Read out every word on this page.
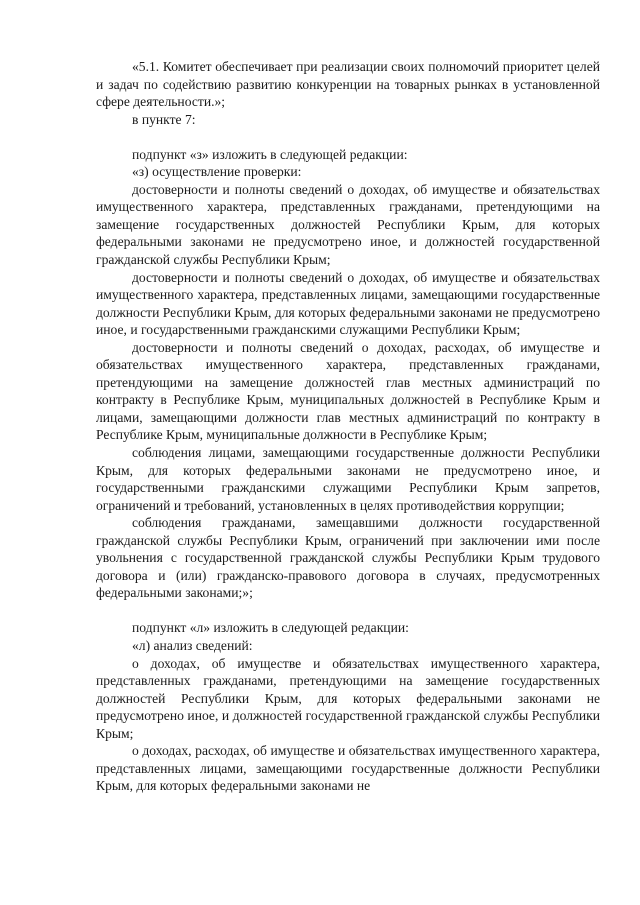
«5.1. Комитет обеспечивает при реализации своих полномочий приоритет целей и задач по содействию развитию конкуренции на товарных рынках в установленной сфере деятельности.»;

в пункте 7:

подпункт «з» изложить в следующей редакции:

«з) осуществление проверки:

достоверности и полноты сведений о доходах, об имуществе и обязательствах имущественного характера, представленных гражданами, претендующими на замещение государственных должностей Республики Крым, для которых федеральными законами не предусмотрено иное, и должностей государственной гражданской службы Республики Крым;

достоверности и полноты сведений о доходах, об имуществе и обязательствах имущественного характера, представленных лицами, замещающими государственные должности Республики Крым, для которых федеральными законами не предусмотрено иное, и государственными гражданскими служащими Республики Крым;

достоверности и полноты сведений о доходах, расходах, об имуществе и обязательствах имущественного характера, представленных гражданами, претендующими на замещение должностей глав местных администраций по контракту в Республике Крым, муниципальных должностей в Республике Крым и лицами, замещающими должности глав местных администраций по контракту в Республике Крым, муниципальные должности в Республике Крым;

соблюдения лицами, замещающими государственные должности Республики Крым, для которых федеральными законами не предусмотрено иное, и государственными гражданскими служащими Республики Крым запретов, ограничений и требований, установленных в целях противодействия коррупции;

соблюдения гражданами, замещавшими должности государственной гражданской службы Республики Крым, ограничений при заключении ими после увольнения с государственной гражданской службы Республики Крым трудового договора и (или) гражданско-правового договора в случаях, предусмотренных федеральными законами;»;

подпункт «л» изложить в следующей редакции:

«л) анализ сведений:

о доходах, об имуществе и обязательствах имущественного характера, представленных гражданами, претендующими на замещение государственных должностей Республики Крым, для которых федеральными законами не предусмотрено иное, и должностей государственной гражданской службы Республики Крым;

о доходах, расходах, об имуществе и обязательствах имущественного характера, представленных лицами, замещающими государственные должности Республики Крым, для которых федеральными законами не
